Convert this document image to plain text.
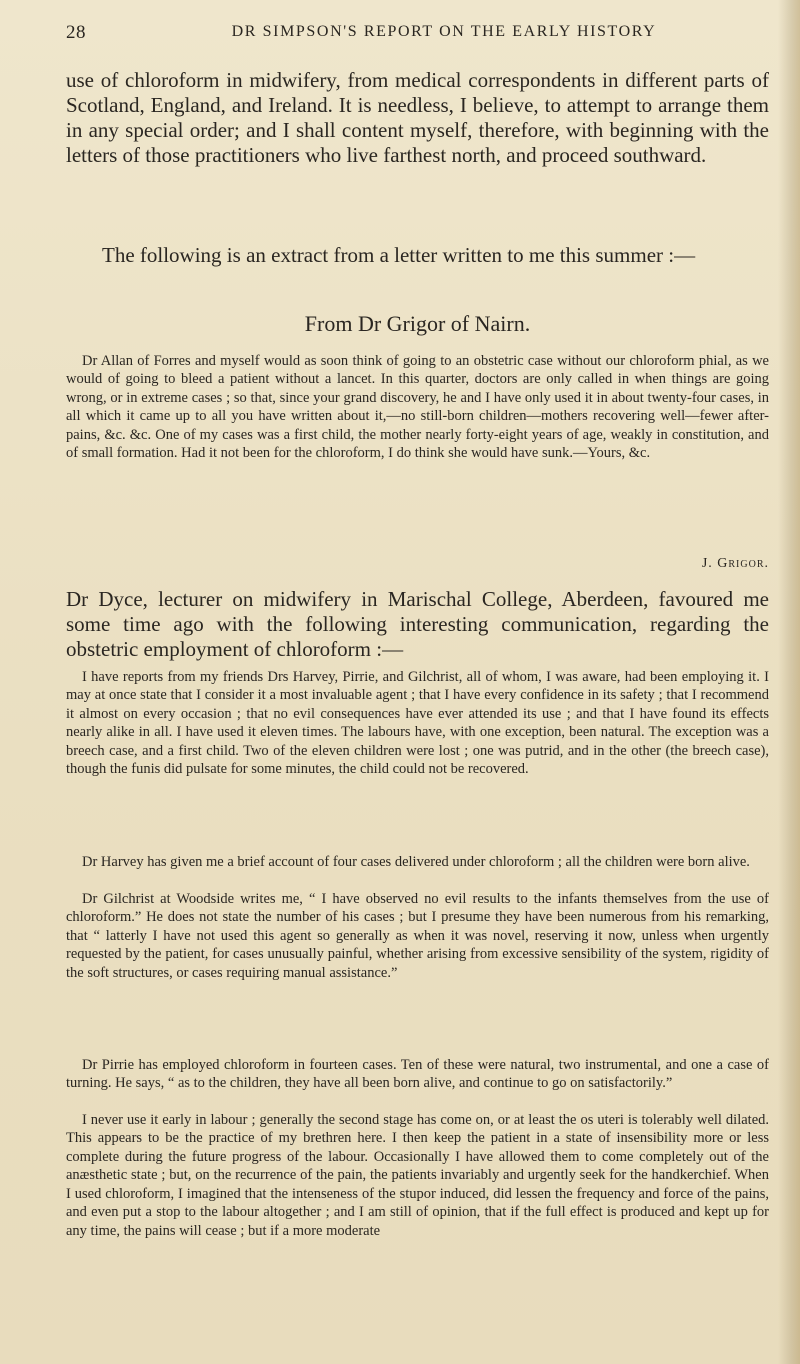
28	DR SIMPSON'S REPORT ON THE EARLY HISTORY

use of chloroform in midwifery, from medical correspondents in different parts of Scotland, England, and Ireland. It is needless, I believe, to attempt to arrange them in any special order; and I shall content myself, therefore, with beginning with the letters of those practitioners who live farthest north, and proceed southward.

The following is an extract from a letter written to me this summer :—

From Dr Grigor of Nairn.

Dr Allan of Forres and myself would as soon think of going to an obstetric case without our chloroform phial, as we would of going to bleed a patient without a lancet. In this quarter, doctors are only called in when things are going wrong, or in extreme cases ; so that, since your grand discovery, he and I have only used it in about twenty-four cases, in all which it came up to all you have written about it,—no still-born children—mothers recovering well—fewer after-pains, &c. &c. One of my cases was a first child, the mother nearly forty-eight years of age, weakly in constitution, and of small formation. Had it not been for the chloroform, I do think she would have sunk.—Yours, &c.

J. Grigor.

Dr Dyce, lecturer on midwifery in Marischal College, Aberdeen, favoured me some time ago with the following interesting communication, regarding the obstetric employment of chloroform :—

I have reports from my friends Drs Harvey, Pirrie, and Gilchrist, all of whom, I was aware, had been employing it. I may at once state that I consider it a most invaluable agent ; that I have every confidence in its safety ; that I recommend it almost on every occasion ; that no evil consequences have ever attended its use ; and that I have found its effects nearly alike in all. I have used it eleven times. The labours have, with one exception, been natural. The exception was a breech case, and a first child. Two of the eleven children were lost ; one was putrid, and in the other (the breech case), though the funis did pulsate for some minutes, the child could not be recovered.

Dr Harvey has given me a brief account of four cases delivered under chloroform ; all the children were born alive.

Dr Gilchrist at Woodside writes me, “ I have observed no evil results to the infants themselves from the use of chloroform.” He does not state the number of his cases ; but I presume they have been numerous from his remarking, that “ latterly I have not used this agent so generally as when it was novel, reserving it now, unless when urgently requested by the patient, for cases unusually painful, whether arising from excessive sensibility of the system, rigidity of the soft structures, or cases requiring manual assistance.”

Dr Pirrie has employed chloroform in fourteen cases. Ten of these were natural, two instrumental, and one a case of turning. He says, “ as to the children, they have all been born alive, and continue to go on satisfactorily.”

I never use it early in labour ; generally the second stage has come on, or at least the os uteri is tolerably well dilated. This appears to be the practice of my brethren here. I then keep the patient in a state of insensibility more or less complete during the future progress of the labour. Occasionally I have allowed them to come completely out of the anæsthetic state ; but, on the recurrence of the pain, the patients invariably and urgently seek for the handkerchief. When I used chloroform, I imagined that the intenseness of the stupor induced, did lessen the frequency and force of the pains, and even put a stop to the labour altogether ; and I am still of opinion, that if the full effect is produced and kept up for any time, the pains will cease ; but if a more moderate
